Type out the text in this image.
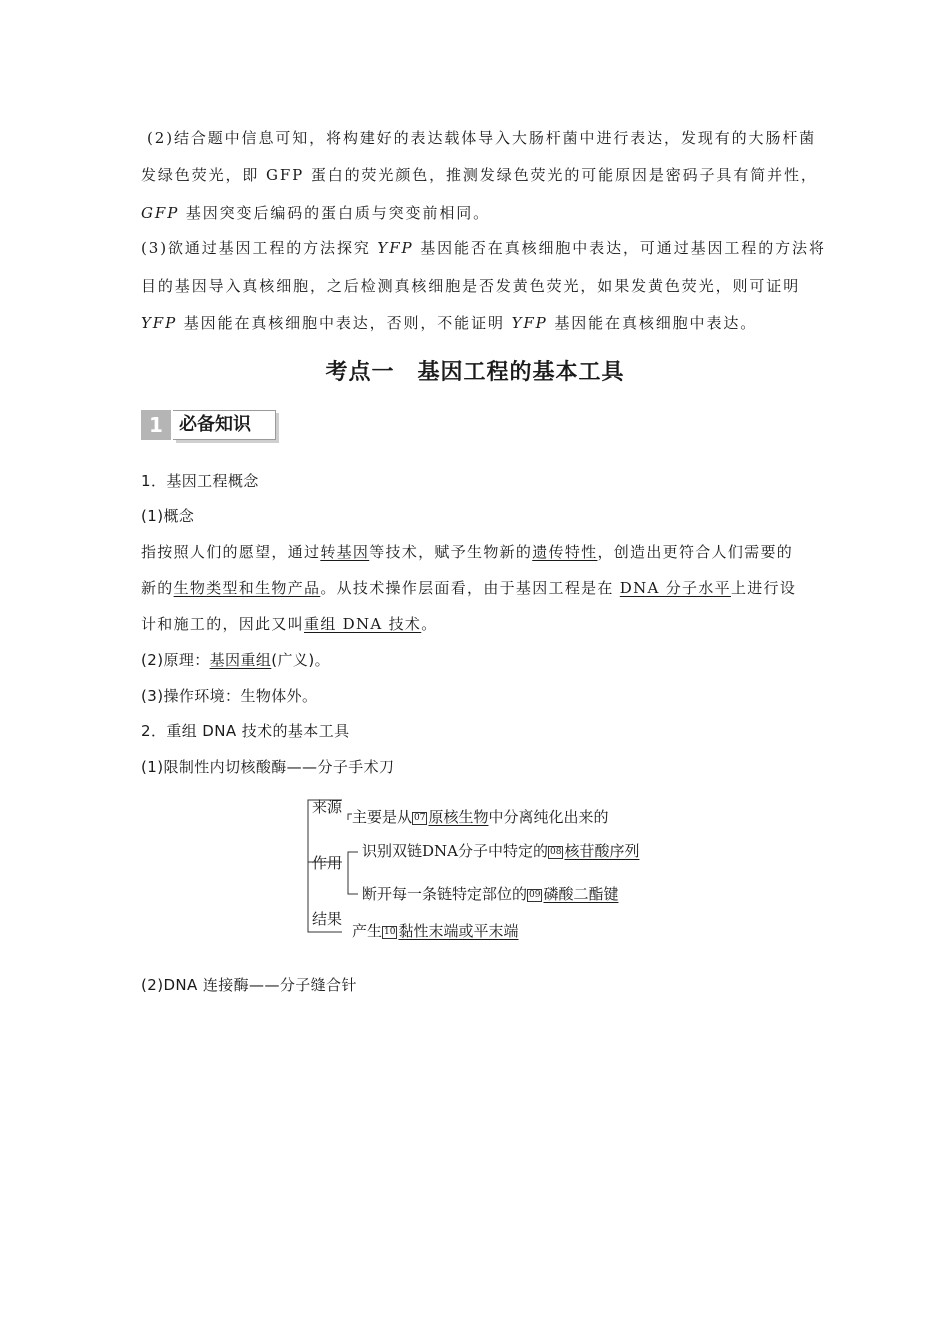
(2)结合题中信息可知，将构建好的表达载体导入大肠杆菌中进行表达，发现有的大肠杆菌
发绿色荧光，即 GFP 蛋白的荧光颜色，推测发绿色荧光的可能原因是密码子具有简并性，
GFP 基因突变后编码的蛋白质与突变前相同。
(3)欲通过基因工程的方法探究 YFP 基因能否在真核细胞中表达，可通过基因工程的方法将
目的基因导入真核细胞，之后检测真核细胞是否发黄色荧光，如果发黄色荧光，则可证明
YFP 基因能在真核细胞中表达，否则，不能证明 YFP 基因能在真核细胞中表达。
考点一　基因工程的基本工具
1 必备知识
1．基因工程概念
(1)概念
指按照人们的愿望，通过转基因等技术，赋予生物新的遗传特性，创造出更符合人们需要的
新的生物类型和生物产品。从技术操作层面看，由于基因工程是在 DNA 分子水平上进行设
计和施工的，因此又叫重组 DNA 技术。
(2)原理：基因重组(广义)。
(3)操作环境：生物体外。
2．重组 DNA 技术的基本工具
(1)限制性内切核酸酶——分子手术刀
来源
主要是从 07 原核生物中分离纯化出来的
作用
识别双链DNA分子中特定的 08 核苷酸序列
断开每一条链特定部位的 09 磷酸二酯键
结果
产生 10 黏性末端或平末端
(2)DNA 连接酶——分子缝合针
